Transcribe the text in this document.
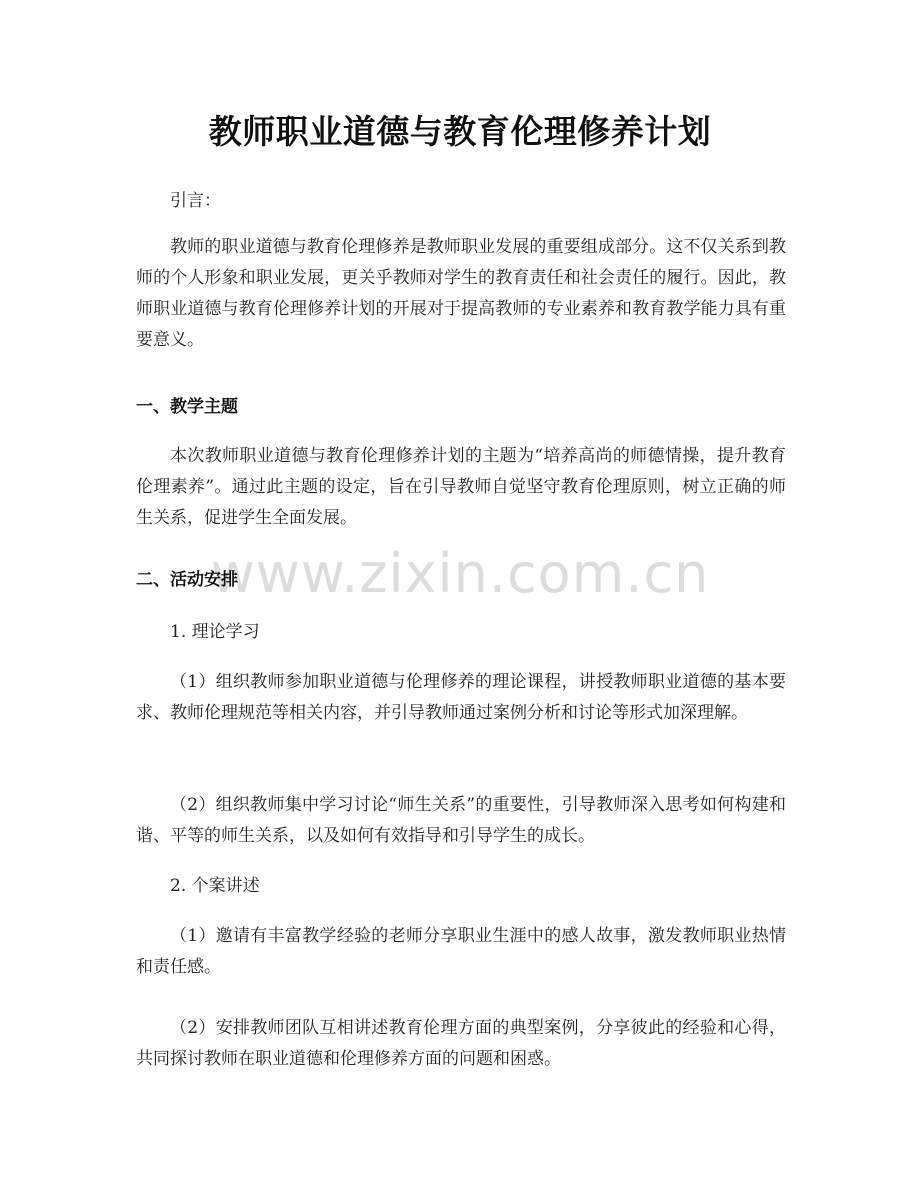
www.zixin.com.cn
教师职业道德与教育伦理修养计划
引言：
教师的职业道德与教育伦理修养是教师职业发展的重要组成部分。这不仅关系到教师的个人形象和职业发展，更关乎教师对学生的教育责任和社会责任的履行。因此，教师职业道德与教育伦理修养计划的开展对于提高教师的专业素养和教育教学能力具有重要意义。
一、教学主题
本次教师职业道德与教育伦理修养计划的主题为“培养高尚的师德情操，提升教育伦理素养”。通过此主题的设定，旨在引导教师自觉坚守教育伦理原则，树立正确的师生关系，促进学生全面发展。
二、活动安排
1. 理论学习
（1）组织教师参加职业道德与伦理修养的理论课程，讲授教师职业道德的基本要求、教师伦理规范等相关内容，并引导教师通过案例分析和讨论等形式加深理解。
（2）组织教师集中学习讨论“师生关系”的重要性，引导教师深入思考如何构建和谐、平等的师生关系，以及如何有效指导和引导学生的成长。
2. 个案讲述
（1）邀请有丰富教学经验的老师分享职业生涯中的感人故事，激发教师职业热情和责任感。
（2）安排教师团队互相讲述教育伦理方面的典型案例，分享彼此的经验和心得，共同探讨教师在职业道德和伦理修养方面的问题和困惑。
